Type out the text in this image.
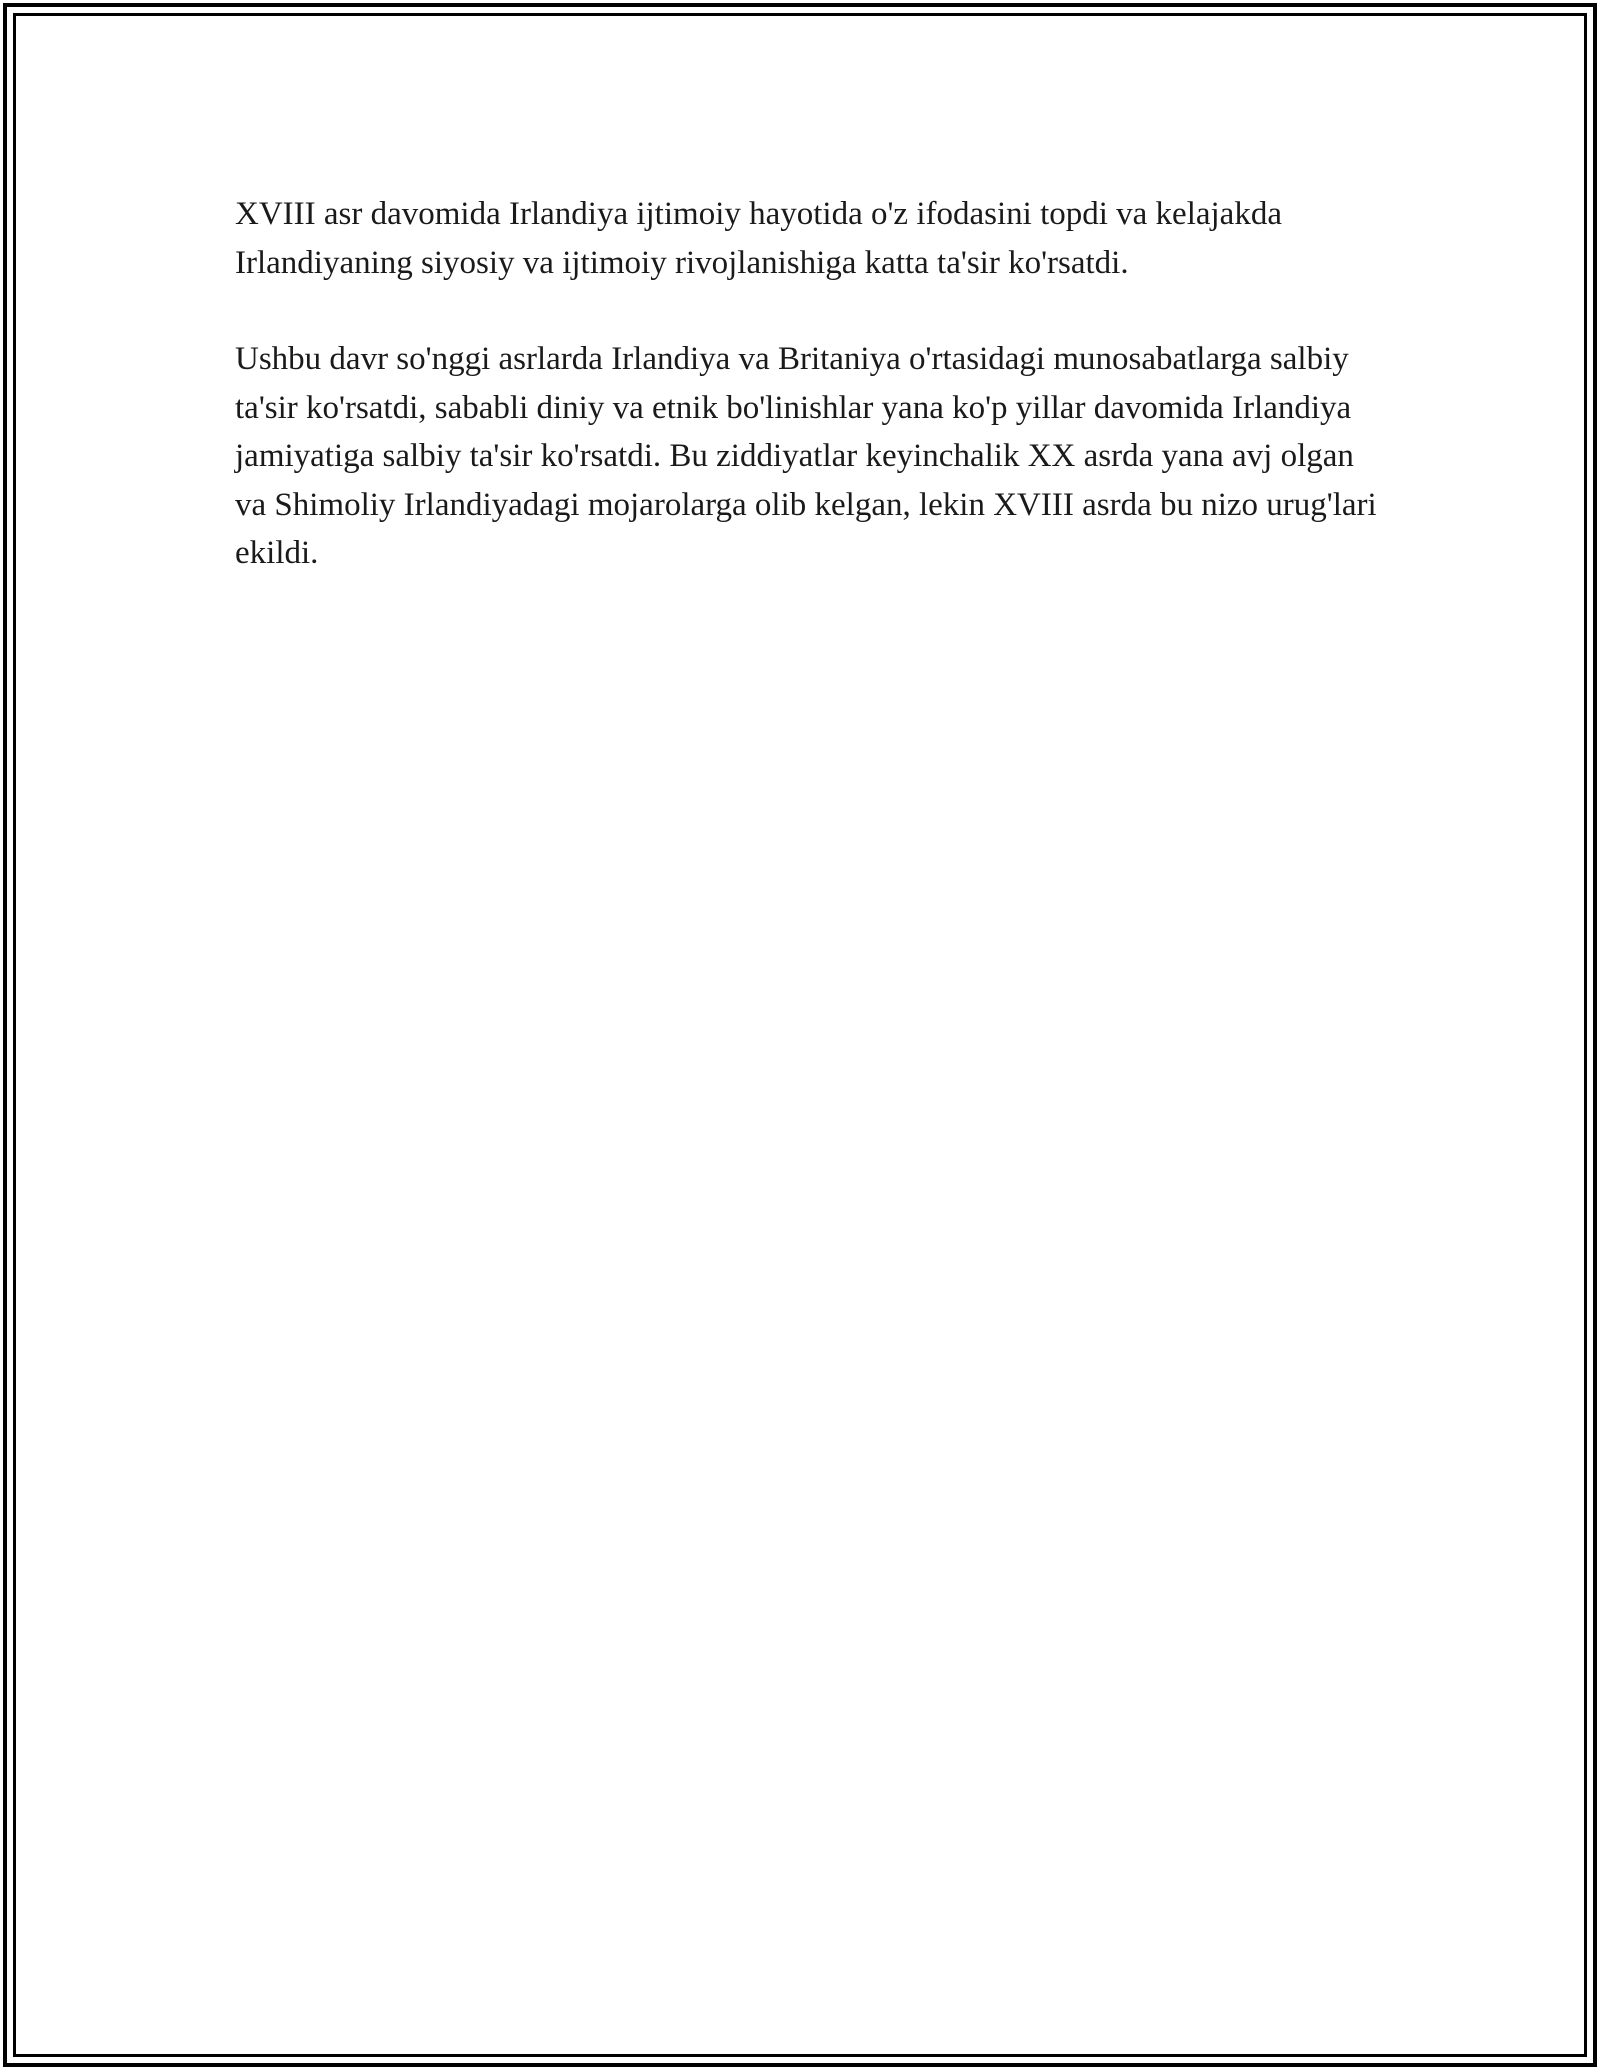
XVIII asr davomida Irlandiya ijtimoiy hayotida o'z ifodasini topdi va kelajakda Irlandiyaning siyosiy va ijtimoiy rivojlanishiga katta ta'sir ko'rsatdi.

Ushbu davr so'nggi asrlarda Irlandiya va Britaniya o'rtasidagi munosabatlarga salbiy ta'sir ko'rsatdi, sababli diniy va etnik bo'linishlar yana ko'p yillar davomida Irlandiya jamiyatiga salbiy ta'sir ko'rsatdi. Bu ziddiyatlar keyinchalik XX asrda yana avj olgan va Shimoliy Irlandiyadagi mojarolarga olib kelgan, lekin XVIII asrda bu nizo urug'lari ekildi.
